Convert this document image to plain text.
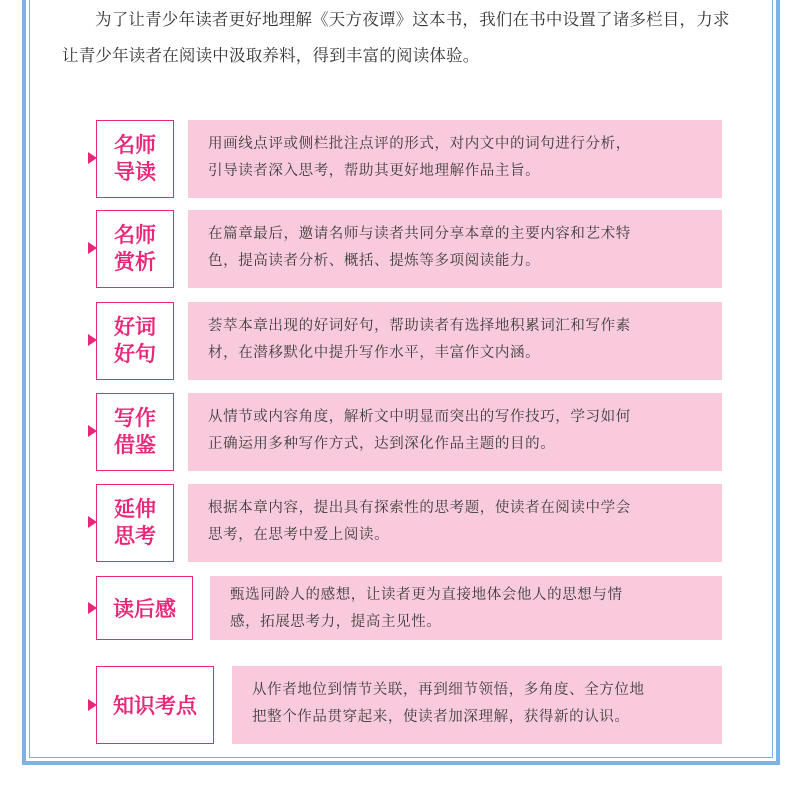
为了让青少年读者更好地理解《天方夜谭》这本书，我们在书中设置了诸多栏目，力求让青少年读者在阅读中汲取养料，得到丰富的阅读体验。

名师
导读
用画线点评或侧栏批注点评的形式，对内文中的词句进行分析，
引导读者深入思考，帮助其更好地理解作品主旨。
名师
赏析
在篇章最后，邀请名师与读者共同分享本章的主要内容和艺术特
色，提高读者分析、概括、提炼等多项阅读能力。
好词
好句
荟萃本章出现的好词好句，帮助读者有选择地积累词汇和写作素
材，在潜移默化中提升写作水平，丰富作文内涵。
写作
借鉴
从情节或内容角度，解析文中明显而突出的写作技巧，学习如何
正确运用多种写作方式，达到深化作品主题的目的。
延伸
思考
根据本章内容，提出具有探索性的思考题，使读者在阅读中学会
思考，在思考中爱上阅读。
读后感
甄选同龄人的感想，让读者更为直接地体会他人的思想与情
感，拓展思考力，提高主见性。
知识考点
从作者地位到情节关联，再到细节领悟，多角度、全方位地
把整个作品贯穿起来，使读者加深理解，获得新的认识。
